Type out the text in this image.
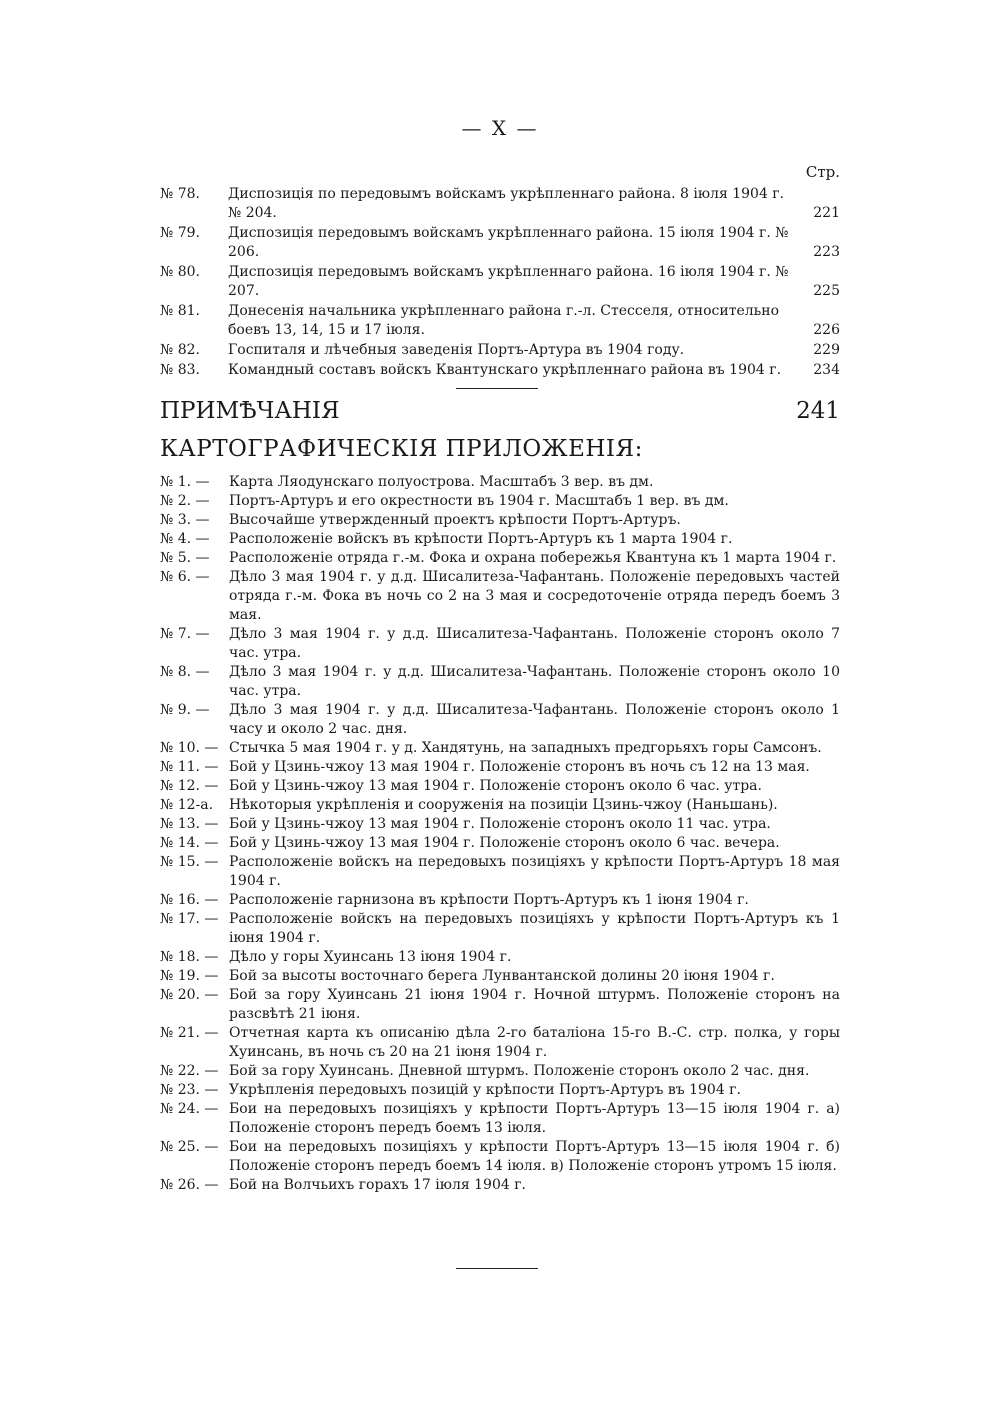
— X —
Стр.
№ 78.	Диспозиція по передовымъ войскамъ укрѣпленнаго района. 8 іюля 1904 г. № 204.	221
№ 79.	Диспозиція передовымъ войскамъ укрѣпленнаго района. 15 іюля 1904 г. № 206.	223
№ 80.	Диспозиція передовымъ войскамъ укрѣпленнаго района. 16 іюля 1904 г. № 207.	225
№ 81.	Донесенія начальника укрѣпленнаго района г.-л. Стесселя, относительно боевъ 13, 14, 15 и 17 іюля.	226
№ 82.	Госпиталя и лѣчебныя заведенія Портъ-Артура въ 1904 году.	229
№ 83.	Командный составъ войскъ Квантунскаго укрѣпленнаго района въ 1904 г.	234
ПРИМѢЧАНІЯ	241
КАРТОГРАФИЧЕСКІЯ ПРИЛОЖЕНІЯ:
№ 1. —	Карта Ляодунскаго полуострова. Масштабъ 3 вер. въ дм.
№ 2. —	Портъ-Артуръ и его окрестности въ 1904 г. Масштабъ 1 вер. въ дм.
№ 3. —	Высочайше утвержденный проектъ крѣпости Портъ-Артуръ.
№ 4. —	Расположеніе войскъ въ крѣпости Портъ-Артуръ къ 1 марта 1904 г.
№ 5. —	Расположеніе отряда г.-м. Фока и охрана побережья Квантуна къ 1 марта 1904 г.
№ 6. —	Дѣло 3 мая 1904 г. у д.д. Шисалитеза-Чафантань. Положеніе передовыхъ частей отряда г.-м. Фока въ ночь со 2 на 3 мая и сосредоточеніе отряда передъ боемъ 3 мая.
№ 7. —	Дѣло 3 мая 1904 г. у д.д. Шисалитеза-Чафантань. Положеніе сторонъ около 7 час. утра.
№ 8. —	Дѣло 3 мая 1904 г. у д.д. Шисалитеза-Чафантань. Положеніе сторонъ около 10 час. утра.
№ 9. —	Дѣло 3 мая 1904 г. у д.д. Шисалитеза-Чафантань. Положеніе сторонъ около 1 часу и около 2 час. дня.
№ 10. — Стычка 5 мая 1904 г. у д. Хандятунь, на западныхъ предгорьяхъ горы Самсонъ.
№ 11. — Бой у Цзинь-чжоу 13 мая 1904 г. Положеніе сторонъ въ ночь съ 12 на 13 мая.
№ 12. — Бой у Цзинь-чжоу 13 мая 1904 г. Положеніе сторонъ около 6 час. утра.
№ 12-а.	Нѣкоторыя укрѣпленія и сооруженія на позиціи Цзинь-чжоу (Наньшань).
№ 13. — Бой у Цзинь-чжоу 13 мая 1904 г. Положеніе сторонъ около 11 час. утра.
№ 14. — Бой у Цзинь-чжоу 13 мая 1904 г. Положеніе сторонъ около 6 час. вечера.
№ 15. — Расположеніе войскъ на передовыхъ позиціяхъ у крѣпости Портъ-Артуръ 18 мая 1904 г.
№ 16. — Расположеніе гарнизона въ крѣпости Портъ-Артуръ къ 1 іюня 1904 г.
№ 17. — Расположеніе войскъ на передовыхъ позиціяхъ у крѣпости Портъ-Артуръ къ 1 іюня 1904 г.
№ 18. — Дѣло у горы Хуинсань 13 іюня 1904 г.
№ 19. — Бой за высоты восточнаго берега Лунвантанской долины 20 іюня 1904 г.
№ 20. — Бой за гору Хуинсань 21 іюня 1904 г. Ночной штурмъ. Положеніе сторонъ на разсвѣтѣ 21 іюня.
№ 21. — Отчетная карта къ описанію дѣла 2-го баталіона 15-го В.-С. стр. полка, у горы Хуинсань, въ ночь съ 20 на 21 іюня 1904 г.
№ 22. — Бой за гору Хуинсань. Дневной штурмъ. Положеніе сторонъ около 2 час. дня.
№ 23. — Укрѣпленія передовыхъ позицій у крѣпости Портъ-Артуръ въ 1904 г.
№ 24. — Бои на передовыхъ позиціяхъ у крѣпости Портъ-Артуръ 13—15 іюля 1904 г. а) Положеніе сторонъ передъ боемъ 13 іюля.
№ 25. — Бои на передовыхъ позиціяхъ у крѣпости Портъ-Артуръ 13—15 іюля 1904 г. б) Положеніе сторонъ передъ боемъ 14 іюля. в) Положеніе сторонъ утромъ 15 іюля.
№ 26. — Бой на Волчьихъ горахъ 17 іюля 1904 г.
